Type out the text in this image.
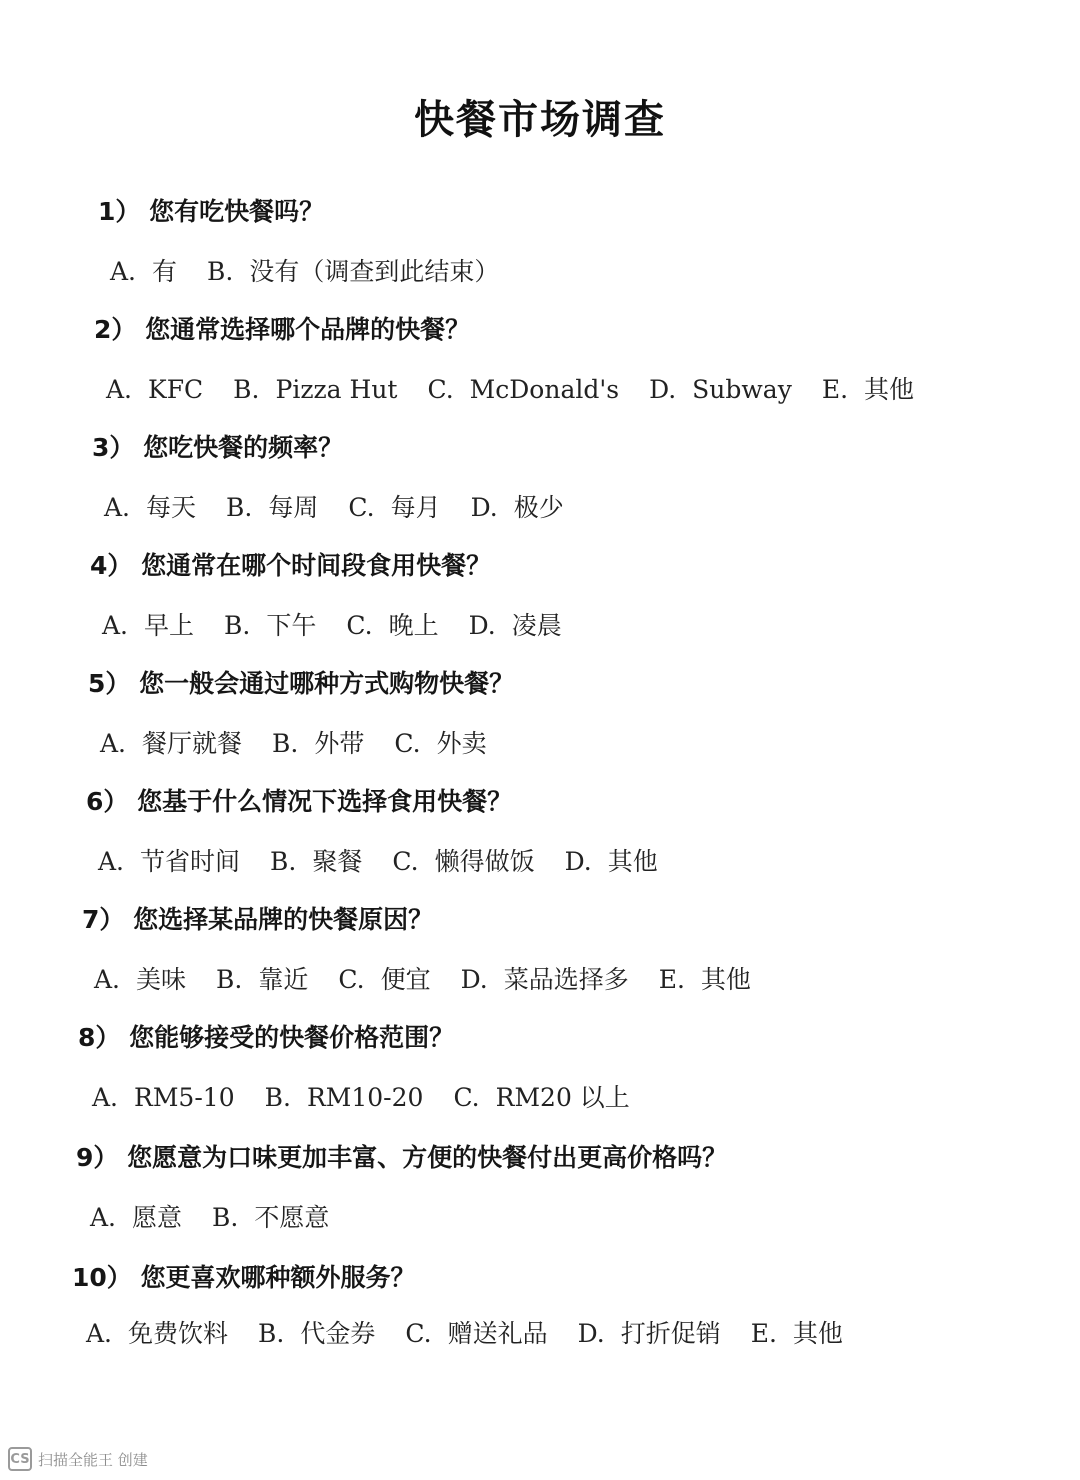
快餐市场调查
1） 您有吃快餐吗？
A. 有 B. 没有（调查到此结束）
2） 您通常选择哪个品牌的快餐？
A. KFC B. Pizza Hut C. McDonald's D. Subway E. 其他
3） 您吃快餐的频率？
A. 每天 B. 每周 C. 每月 D. 极少
4） 您通常在哪个时间段食用快餐？
A. 早上 B. 下午 C. 晚上 D. 凌晨
5） 您一般会通过哪种方式购物快餐？
A. 餐厅就餐 B. 外带 C. 外卖
6） 您基于什么情况下选择食用快餐？
A. 节省时间 B. 聚餐 C. 懒得做饭 D. 其他
7） 您选择某品牌的快餐原因？
A. 美味 B. 靠近 C. 便宜 D. 菜品选择多 E. 其他
8） 您能够接受的快餐价格范围？
A. RM5-10 B. RM10-20 C. RM20 以上
9） 您愿意为口味更加丰富、方便的快餐付出更高价格吗？
A. 愿意 B. 不愿意
10） 您更喜欢哪种额外服务？
A. 免费饮料 B. 代金券 C. 赠送礼品 D. 打折促销 E. 其他
CS 扫描全能王 创建
